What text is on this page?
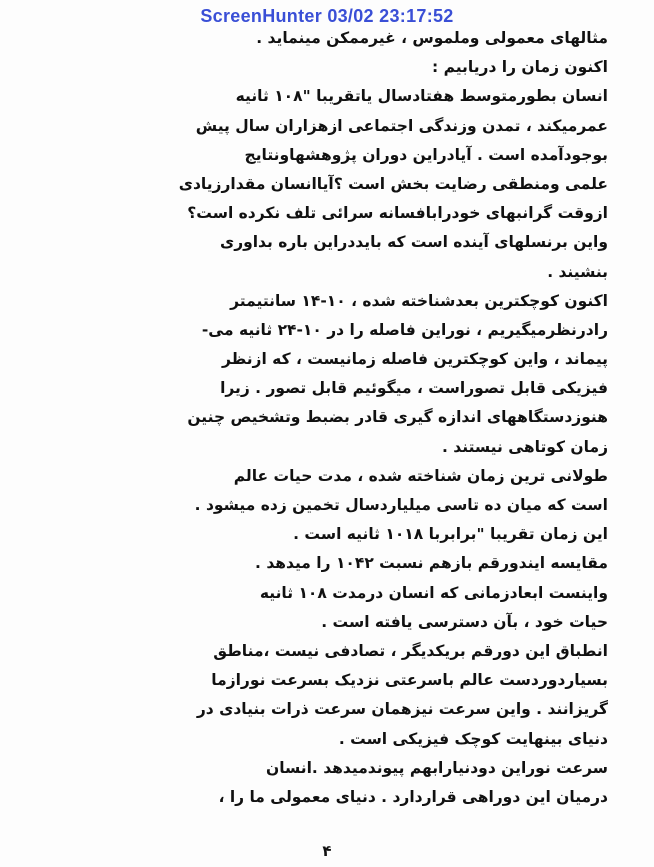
ScreenHunter 03/02 23:17:52
مثالهای معمولی وملموس ، غیرممکن مینماید .
اکنون زمان را دریابیم :
انسان بطورمتوسط هفتادسال یاتقریبا "۱۰۸ ثانیه
عمرمیکند ، تمدن وزندگی اجتماعی ازهزاران سال پیش
بوجودآمده است . آیادراین دوران پژوهشهاونتایج
علمی ومنطقی رضایت بخش است ؟آیاانسان مقدارزیادی
ازوقت گرانبهای خودرابافسانه سرائی تلف نکرده است؟
واین برنسلهای آینده است که بایددراین باره بداوری
بنشیند .
اکنون کوچکترین بعدشناخته شده ، ۱۰-۱۴ سانتیمتر
رادرنظرمیگیریم ، نوراین فاصله را در ۱۰-۲۴ ثانیه می-
پیماند ، واین کوچکترین فاصله زمانیست ، که ازنظر
فیزیکی قابل تصوراست ، میگوئیم قابل تصور . زیرا
هنوزدستگاههای اندازه گیری قادر بضبط وتشخیص چنین
زمان کوتاهی نیستند .
طولانی ترین زمان شناخته شده ، مدت حیات عالم
است که میان ده تاسی میلیاردسال تخمین زده میشود .
این زمان تقریبا "برابربا ۱۰۱۸ ثانیه است .
مقایسه ایندورقم بازهم نسبت ۱۰۴۲ را میدهد .
واینست ابعادزمانی که انسان درمدت ۱۰۸ ثانیه
حیات خود ، بآن دسترسی یافته است .
انطباق این دورقم بریکدیگر ، تصادفی نیست ،مناطق
بسیاردوردست عالم باسرعتی نزدیک بسرعت نورازما
گریزانند . واین سرعت نیزهمان سرعت ذرات بنیادی در
دنیای بینهایت کوچک فیزیکی است .
سرعت نوراین دودنیارابهم پیوندمیدهد .انسان
درمیان این دوراهی قراردارد . دنیای معمولی ما را ،
۴
